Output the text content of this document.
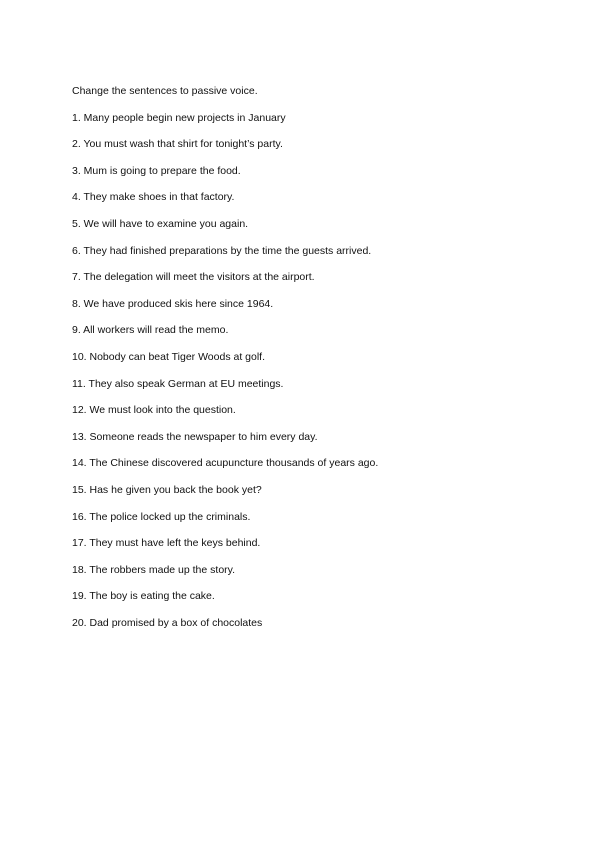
Change the sentences to passive voice.

1. Many people begin new projects in January
2. You must wash that shirt for tonight’s party.
3. Mum is going to prepare the food.
4. They make shoes in that factory.
5. We will have to examine you again.
6. They had finished preparations by the time the guests arrived.
7. The delegation will meet the visitors at the airport.
8. We have produced skis here since 1964.
9. All workers will read the memo.
10. Nobody can beat Tiger Woods at golf.
11. They also speak German at EU meetings.
12. We must look into the question.
13. Someone reads the newspaper to him every day.
14. The Chinese discovered acupuncture thousands of years ago.
15. Has he given you back the book yet?
16. The police locked up the criminals.
17. They must have left the keys behind.
18. The robbers made up the story.
19. The boy is eating the cake.
20. Dad promised by a box of chocolates
